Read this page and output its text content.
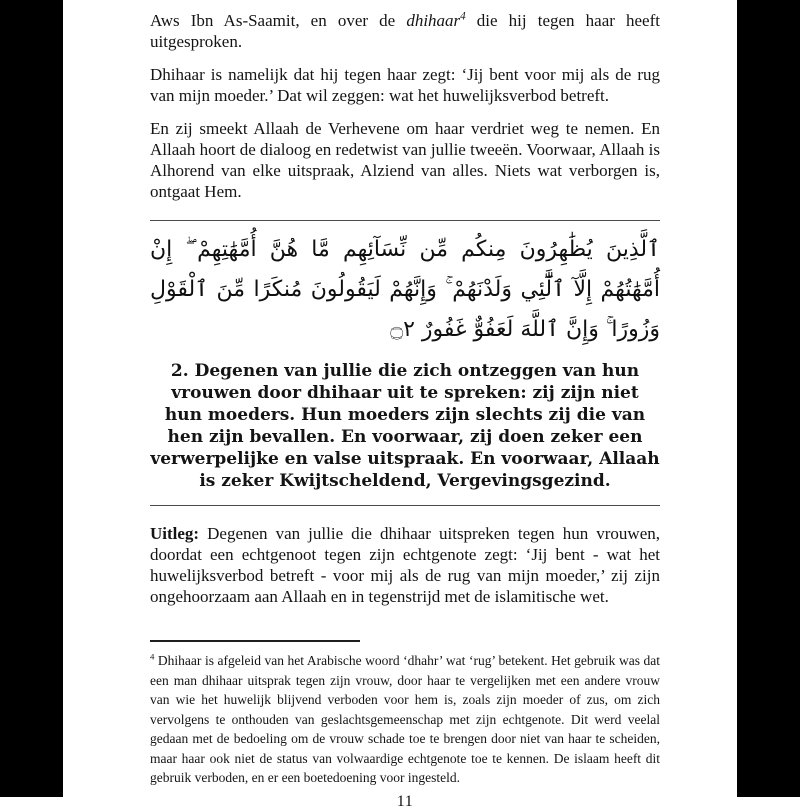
Aws Ibn As-Saamit, en over de dhihaar$^4$ die hij tegen haar heeft uitgesproken.

Dhihaar is namelijk dat hij tegen haar zegt: ‘Jij bent voor mij als de rug van mijn moeder.’ Dat wil zeggen: wat het huwelijksverbod betreft.

En zij smeekt Allaah de Verhevene om haar verdriet weg te nemen. En Allaah hoort de dialoog en redetwist van jullie tweeën. Voorwaar, Allaah is Alhorend van elke uitspraak, Alziend van alles. Niets wat verborgen is, ontgaat Hem.

ٱلَّذِينَ يُظَٰهِرُونَ مِنكُم مِّن نِّسَآئِهِم مَّا هُنَّ أُمَّهَٰتِهِمْ ۖ إِنْ أُمَّهَٰتُهُمْ إِلَّآ ٱلَّٰٓئِي وَلَدْنَهُمْ ۚ وَإِنَّهُمْ لَيَقُولُونَ مُنكَرًا مِّنَ ٱلْقَوْلِ وَزُورًا ۚ وَإِنَّ ٱللَّهَ لَعَفُوٌّ غَفُورٌ ۝٢

2. Degenen van jullie die zich ontzeggen van hun vrouwen door dhihaar uit te spreken: zij zijn niet hun moeders. Hun moeders zijn slechts zij die van hen zijn bevallen. En voorwaar, zij doen zeker een verwerpelijke en valse uitspraak. En voorwaar, Allaah is zeker Kwijtscheldend, Vergevingsgezind.

Uitleg: Degenen van jullie die dhihaar uitspreken tegen hun vrouwen, doordat een echtgenoot tegen zijn echtgenote zegt: ‘Jij bent - wat het huwelijksverbod betreft - voor mij als de rug van mijn moeder,’ zij zijn ongehoorzaam aan Allaah en in tegenstrijd met de islamitische wet.

$^4$ Dhihaar is afgeleid van het Arabische woord ‘dhahr’ wat ‘rug’ betekent. Het gebruik was dat een man dhihaar uitsprak tegen zijn vrouw, door haar te vergelijken met een andere vrouw van wie het huwelijk blijvend verboden voor hem is, zoals zijn moeder of zus, om zich vervolgens te onthouden van geslachtsgemeenschap met zijn echtgenote. Dit werd veelal gedaan met de bedoeling om de vrouw schade toe te brengen door niet van haar te scheiden, maar haar ook niet de status van volwaardige echtgenote toe te kennen. De islaam heeft dit gebruik verboden, en er een boetedoening voor ingesteld.

11
